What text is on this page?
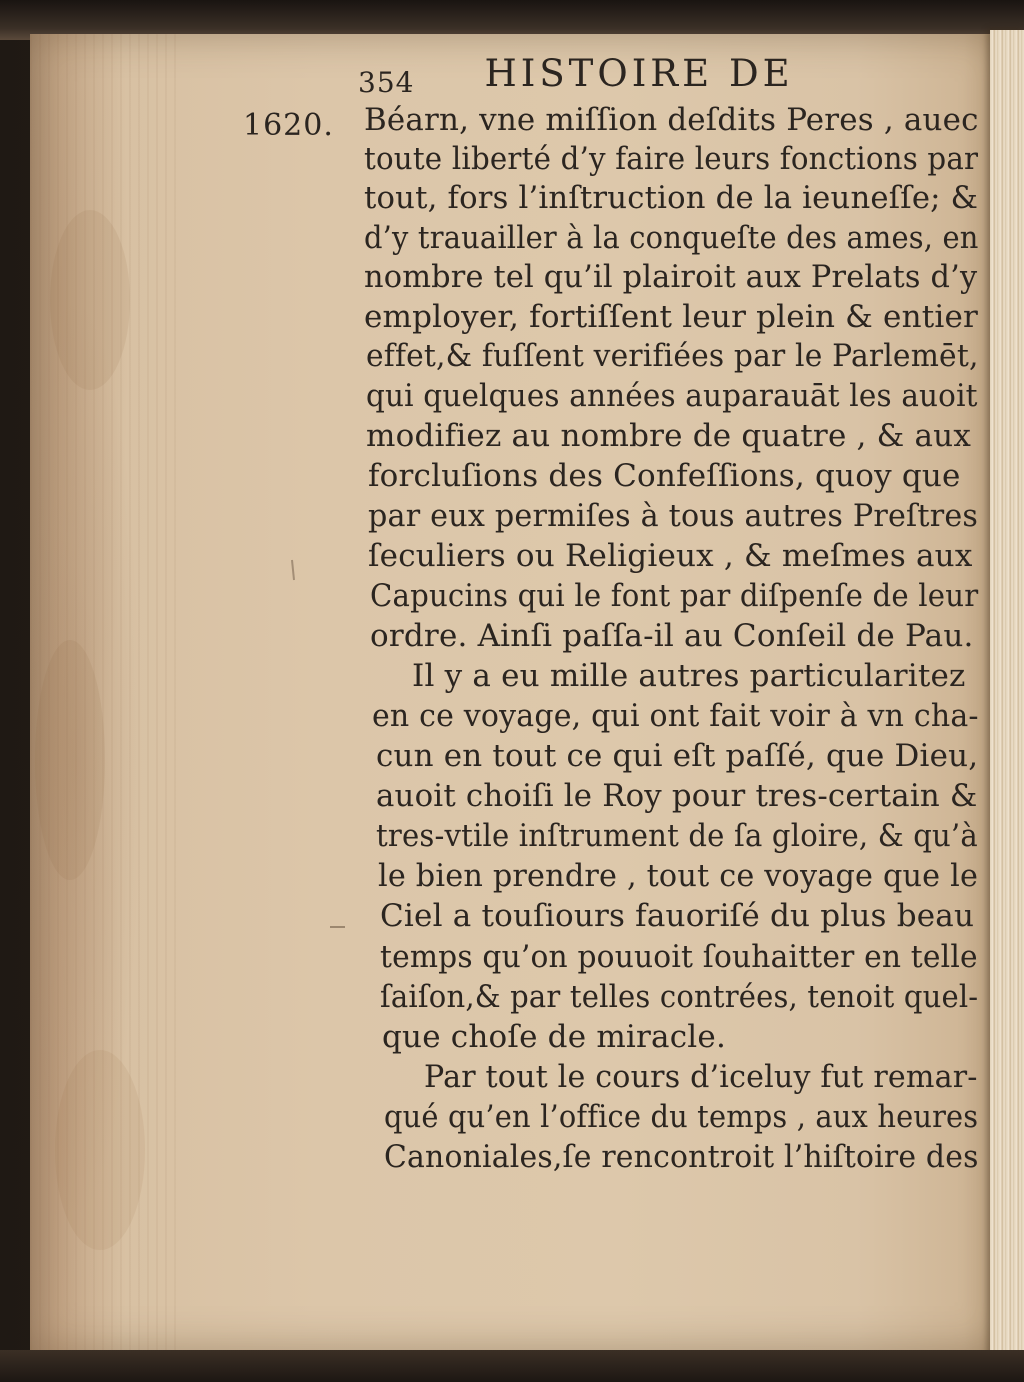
354 HISTOIRE DE
1620. Béarn, vne miſſion deſdits Peres , auec
toute liberté d’y faire leurs fonctions par
tout, fors l’inſtruction de la ieuneſſe; &
d’y trauailler à la conqueſte des ames, en
nombre tel qu’il plairoit aux Prelats d’y
employer, fortiſſent leur plein & entier
effet,& fuſſent verifiées par le Parlemēt,
qui quelques années auparauāt les auoit
modifiez au nombre de quatre , & aux
forcluſions des Confeſſions, quoy que
par eux permiſes à tous autres Preſtres
ſeculiers ou Religieux , & meſmes aux
Capucins qui le font par diſpenſe de leur
ordre. Ainſi paſſa-il au Conſeil de Pau.
Il y a eu mille autres particularitez
en ce voyage, qui ont fait voir à vn cha-
cun en tout ce qui eſt paſſé, que Dieu,
auoit choiſi le Roy pour tres-certain &
tres-vtile inſtrument de ſa gloire, & qu’à
le bien prendre , tout ce voyage que le
Ciel a touſiours fauoriſé du plus beau
temps qu’on pouuoit ſouhaitter en telle
ſaiſon,& par telles contrées, tenoit quel-
que choſe de miracle.
Par tout le cours d’iceluy fut remar-
qué qu’en l’office du temps , aux heures
Canoniales,ſe rencontroit l’hiſtoire des
